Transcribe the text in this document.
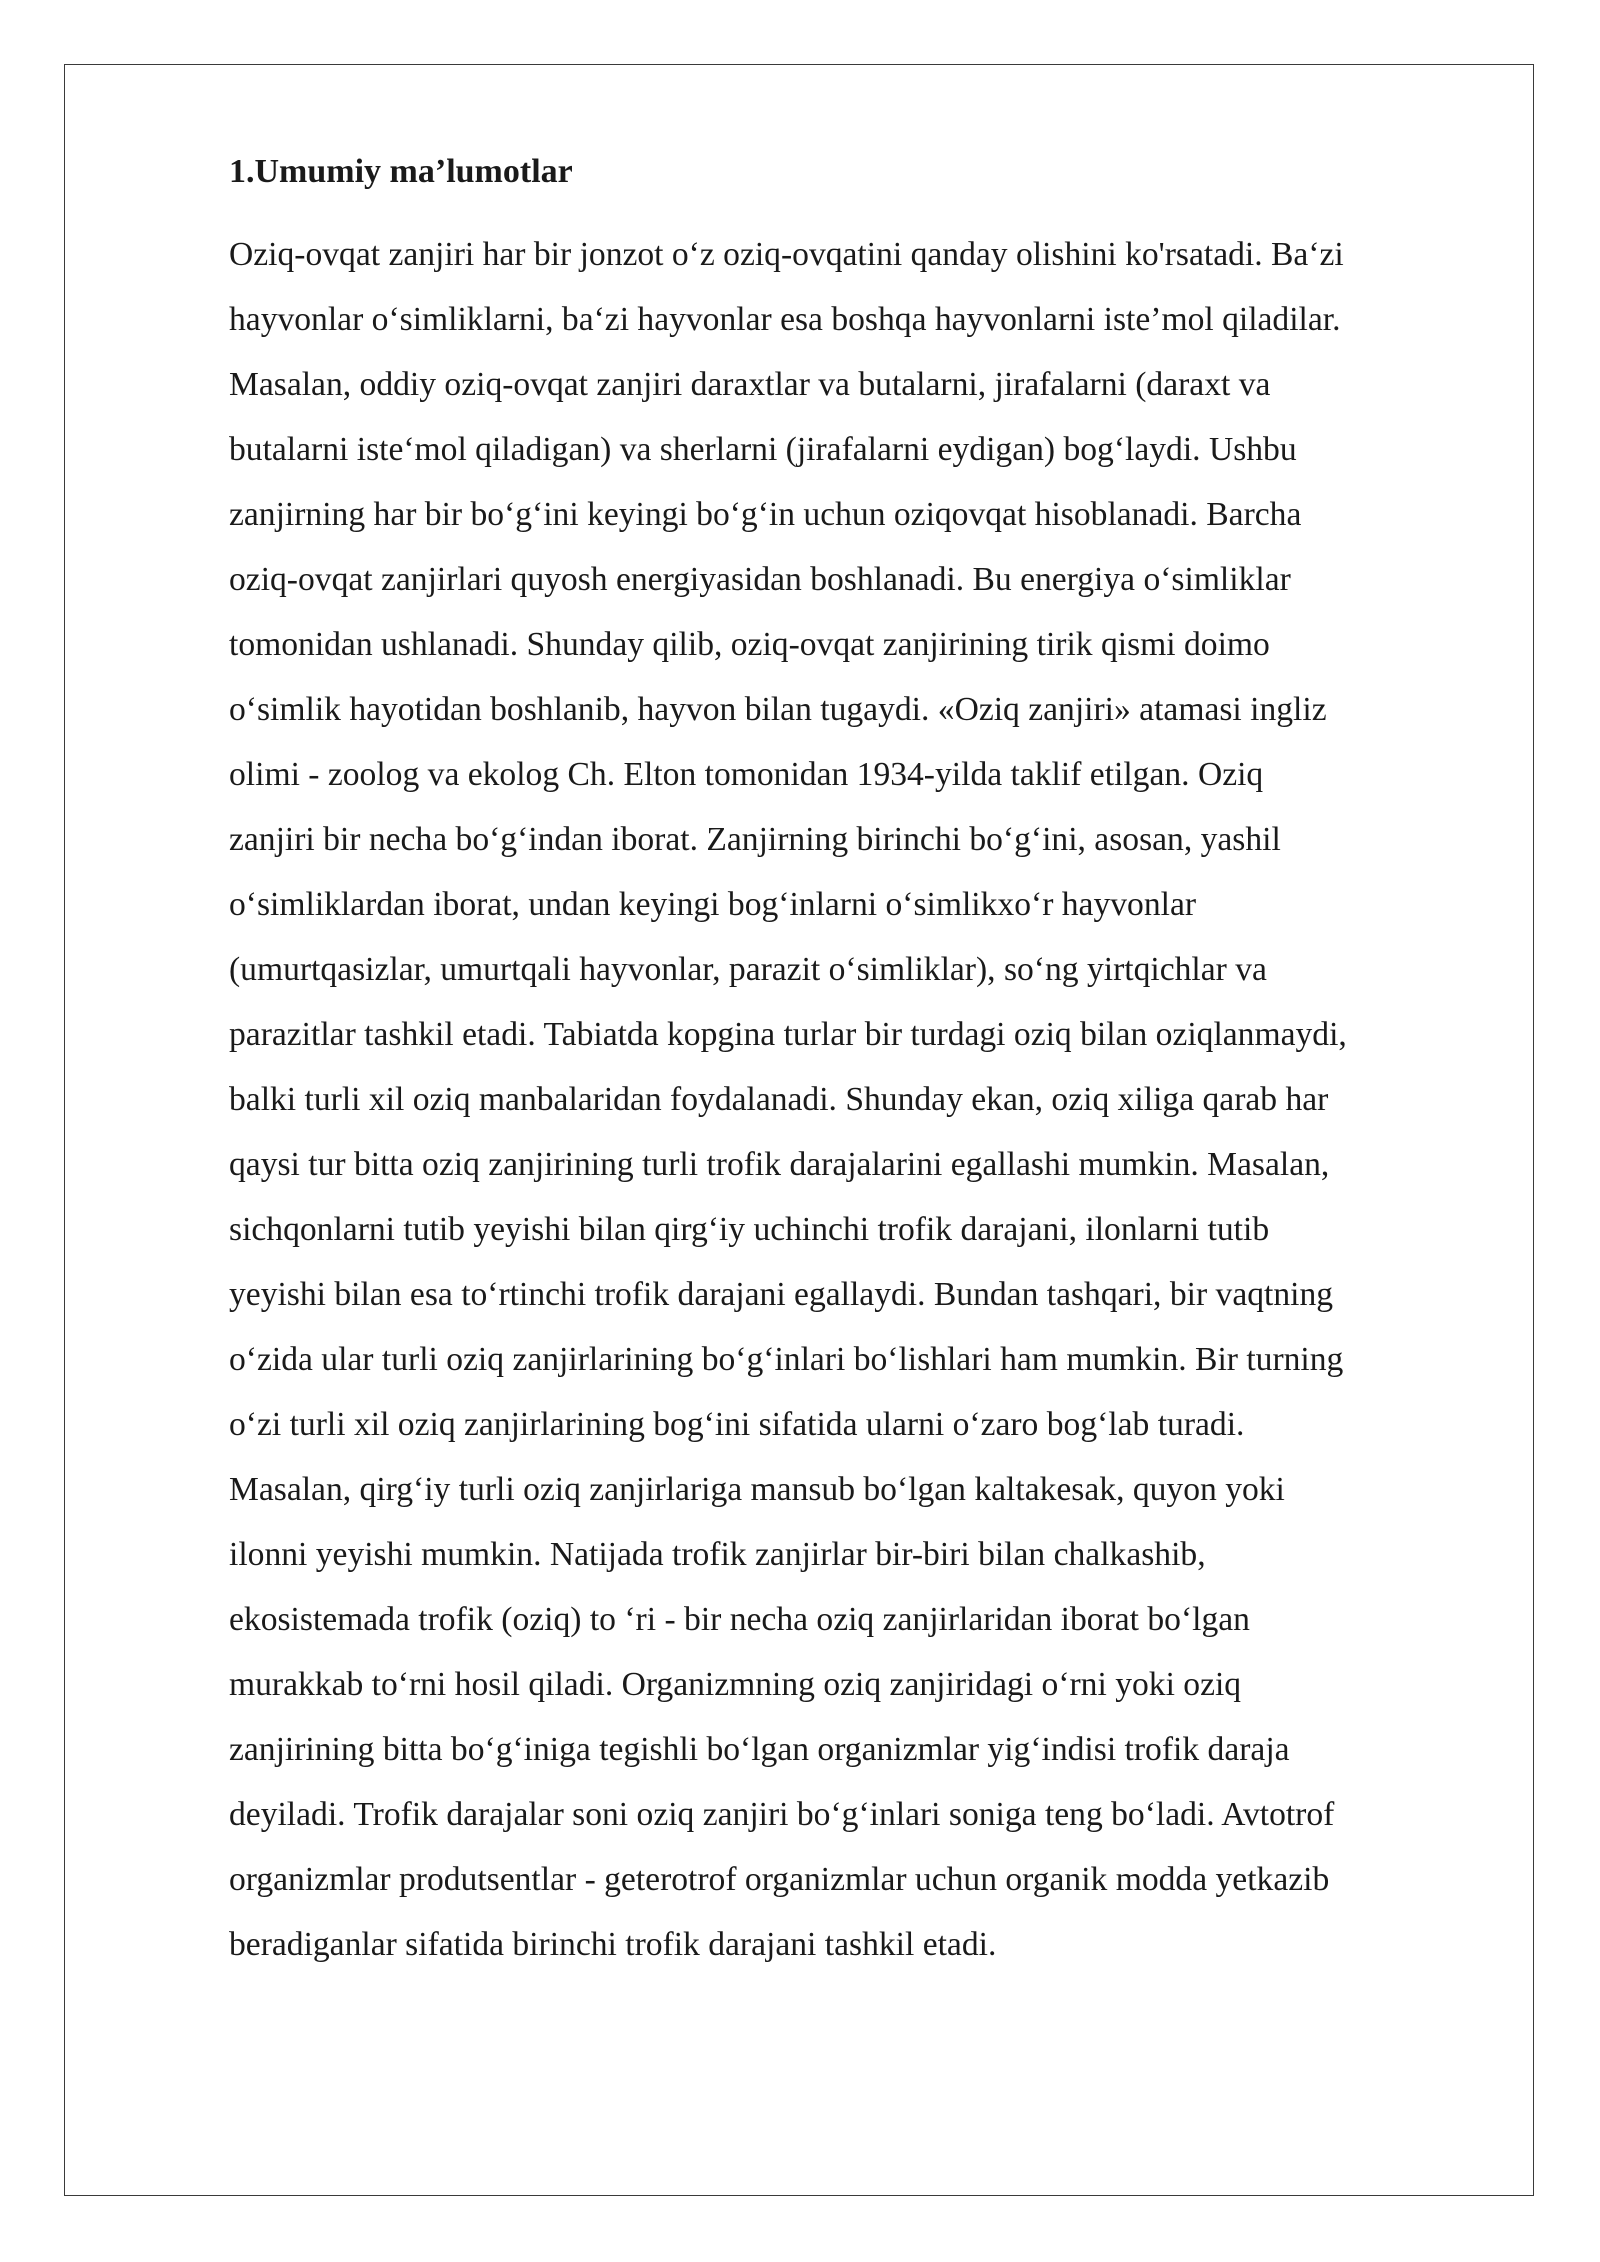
1.Umumiy ma’lumotlar

Oziq-ovqat zanjiri har bir jonzot o‘z oziq-ovqatini qanday olishini ko'rsatadi. Ba‘zi
hayvonlar o‘simliklarni, ba‘zi hayvonlar esa boshqa hayvonlarni iste’mol qiladilar.
Masalan, oddiy oziq-ovqat zanjiri daraxtlar va butalarni, jirafalarni (daraxt va
butalarni iste‘mol qiladigan) va sherlarni (jirafalarni eydigan) bog‘laydi. Ushbu
zanjirning har bir bo‘g‘ini keyingi bo‘g‘in uchun oziqovqat hisoblanadi. Barcha
oziq-ovqat zanjirlari quyosh energiyasidan boshlanadi. Bu energiya o‘simliklar
tomonidan ushlanadi. Shunday qilib, oziq-ovqat zanjirining tirik qismi doimo
o‘simlik hayotidan boshlanib, hayvon bilan tugaydi. «Oziq zanjiri» atamasi ingliz
olimi - zoolog va ekolog Ch. Elton tomonidan 1934-yilda taklif etilgan. Oziq
zanjiri bir necha bo‘g‘indan iborat. Zanjirning birinchi bo‘g‘ini, asosan, yashil
o‘simliklardan iborat, undan keyingi bog‘inlarni o‘simlikxo‘r hayvonlar
(umurtqasizlar, umurtqali hayvonlar, parazit o‘simliklar), so‘ng yirtqichlar va
parazitlar tashkil etadi. Tabiatda kopgina turlar bir turdagi oziq bilan oziqlanmaydi,
balki turli xil oziq manbalaridan foydalanadi. Shunday ekan, oziq xiliga qarab har
qaysi tur bitta oziq zanjirining turli trofik darajalarini egallashi mumkin. Masalan,
sichqonlarni tutib yeyishi bilan qirg‘iy uchinchi trofik darajani, ilonlarni tutib
yeyishi bilan esa to‘rtinchi trofik darajani egallaydi. Bundan tashqari, bir vaqtning
o‘zida ular turli oziq zanjirlarining bo‘g‘inlari bo‘lishlari ham mumkin. Bir turning
o‘zi turli xil oziq zanjirlarining bog‘ini sifatida ularni o‘zaro bog‘lab turadi.
Masalan, qirg‘iy turli oziq zanjirlariga mansub bo‘lgan kaltakesak, quyon yoki
ilonni yeyishi mumkin. Natijada trofik zanjirlar bir-biri bilan chalkashib,
ekosistemada trofik (oziq) to ‘ri - bir necha oziq zanjirlaridan iborat bo‘lgan
murakkab to‘rni hosil qiladi. Organizmning oziq zanjiridagi o‘rni yoki oziq
zanjirining bitta bo‘g‘iniga tegishli bo‘lgan organizmlar yig‘indisi trofik daraja
deyiladi. Trofik darajalar soni oziq zanjiri bo‘g‘inlari soniga teng bo‘ladi. Avtotrof
organizmlar produtsentlar - geterotrof organizmlar uchun organik modda yetkazib
beradiganlar sifatida birinchi trofik darajani tashkil etadi.
